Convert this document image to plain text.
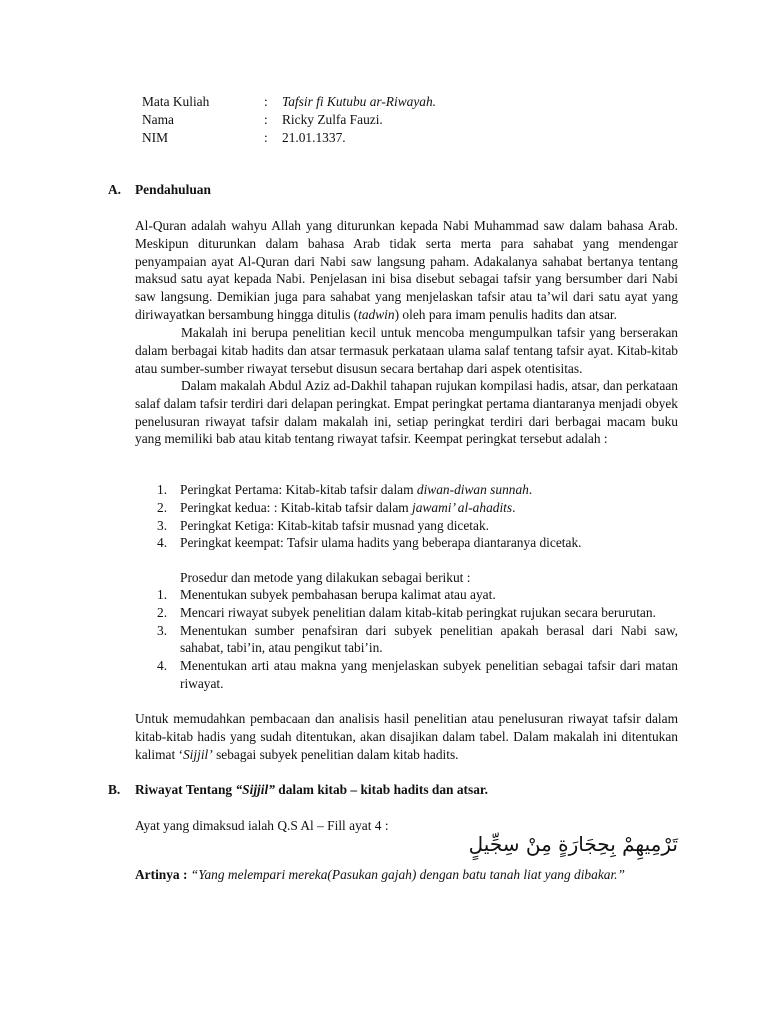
Mata Kuliah	:	Tafsir fi Kutubu ar-Riwayah.
Nama	:	Ricky Zulfa Fauzi.
NIM	:	21.01.1337.
A. Pendahuluan

Al-Quran adalah wahyu Allah yang diturunkan kepada Nabi Muhammad saw dalam bahasa Arab. Meskipun diturunkan dalam bahasa Arab tidak serta merta para sahabat yang mendengar penyampaian ayat Al-Quran dari Nabi saw langsung paham. Adakalanya sahabat bertanya tentang maksud satu ayat kepada Nabi. Penjelasan ini bisa disebut sebagai tafsir yang bersumber dari Nabi saw langsung. Demikian juga para sahabat yang menjelaskan tafsir atau ta’wil dari satu ayat yang diriwayatkan bersambung hingga ditulis (tadwin) oleh para imam penulis hadits dan atsar.

Makalah ini berupa penelitian kecil untuk mencoba mengumpulkan tafsir yang berserakan dalam berbagai kitab hadits dan atsar termasuk perkataan ulama salaf tentang tafsir ayat. Kitab-kitab atau sumber-sumber riwayat tersebut disusun secara bertahap dari aspek otentisitas.

Dalam makalah Abdul Aziz ad-Dakhil tahapan rujukan kompilasi hadis, atsar, dan perkataan salaf dalam tafsir terdiri dari delapan peringkat. Empat peringkat pertama diantaranya menjadi obyek penelusuran riwayat tafsir dalam makalah ini, setiap peringkat terdiri dari berbagai macam buku yang memiliki bab atau kitab tentang riwayat tafsir. Keempat peringkat tersebut adalah :

1. Peringkat Pertama: Kitab-kitab tafsir dalam diwan-diwan sunnah.
2. Peringkat kedua: : Kitab-kitab tafsir dalam jawami’ al-ahadits.
3. Peringkat Ketiga: Kitab-kitab tafsir musnad yang dicetak.
4. Peringkat keempat: Tafsir ulama hadits yang beberapa diantaranya dicetak.
Prosedur dan metode yang dilakukan sebagai berikut :
1. Menentukan subyek pembahasan berupa kalimat atau ayat.
2. Mencari riwayat subyek penelitian dalam kitab-kitab peringkat rujukan secara berurutan.
3. Menentukan sumber penafsiran dari subyek penelitian apakah berasal dari Nabi saw, sahabat, tabi’in, atau pengikut tabi’in.
4. Menentukan arti atau makna yang menjelaskan subyek penelitian sebagai tafsir dari matan riwayat.

Untuk memudahkan pembacaan dan analisis hasil penelitian atau penelusuran riwayat tafsir dalam kitab-kitab hadis yang sudah ditentukan, akan disajikan dalam tabel. Dalam makalah ini ditentukan kalimat ‘Sijjil’ sebagai subyek penelitian dalam kitab hadits.

B. Riwayat Tentang “Sijjil” dalam kitab – kitab hadits dan atsar.
Ayat yang dimaksud ialah Q.S Al – Fill ayat 4 :
تَرْمِيهِمْ بِحِجَارَةٍ مِنْ سِجِّيلٍ
Artinya : “Yang melempari mereka(Pasukan gajah) dengan batu tanah liat yang dibakar.”
